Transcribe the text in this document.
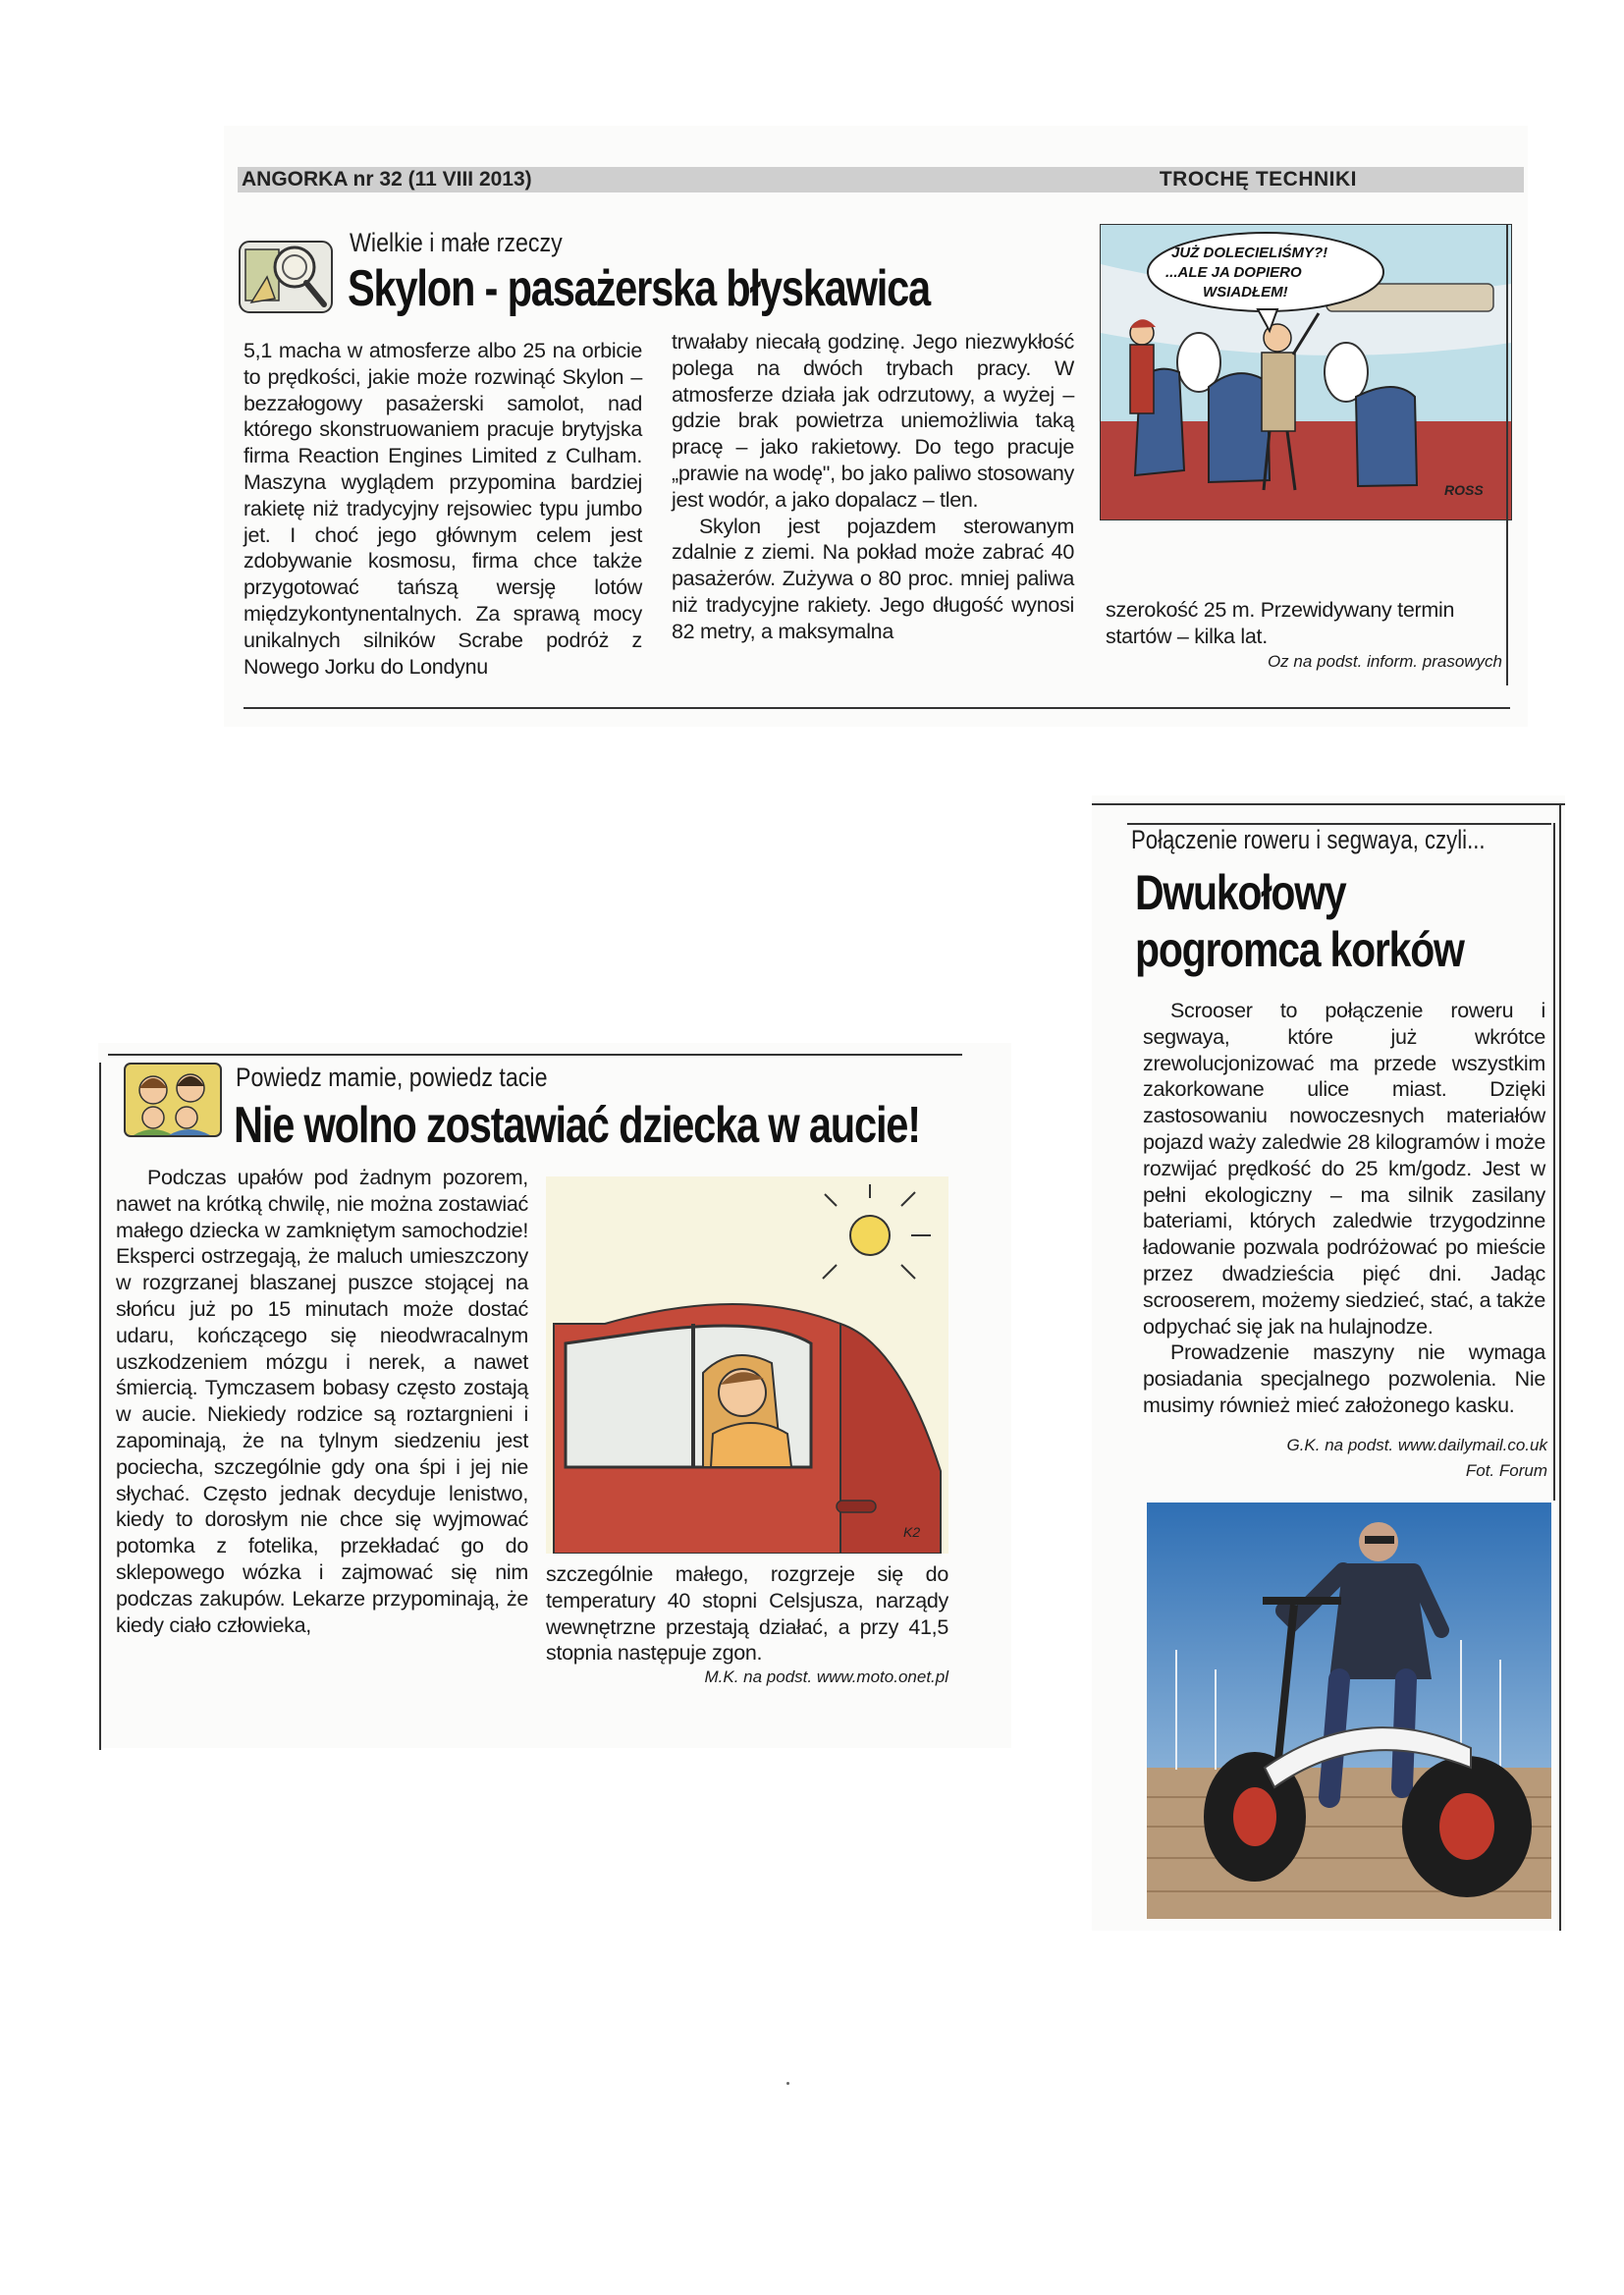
ANGORKA nr 32 (11 VIII 2013)	TROCHĘ TECHNIKI
Wielkie i małe rzeczy
Skylon - pasażerska błyskawica
5,1 macha w atmosferze albo 25 na orbicie to prędkości, jakie może rozwinąć Skylon – bezzałogowy pasażerski samolot, nad którego skonstruowaniem pracuje brytyjska firma Reaction Engines Limited z Culham. Maszyna wyglądem przypomina bardziej rakietę niż tradycyjny rejsowiec typu jumbo jet. I choć jego głównym celem jest zdobywanie kosmosu, firma chce także przygotować tańszą wersję lotów międzykontynentalnych. Za sprawą mocy unikalnych silników Scrabe podróż z Nowego Jorku do Londynu
trwałaby niecałą godzinę. Jego niezwykłość polega na dwóch trybach pracy. W atmosferze działa jak odrzutowy, a wyżej – gdzie brak powietrza uniemożliwia taką pracę – jako rakietowy. Do tego pracuje „prawie na wodę", bo jako paliwo stosowany jest wodór, a jako dopalacz – tlen.
Skylon jest pojazdem sterowanym zdalnie z ziemi. Na pokład może zabrać 40 pasażerów. Zużywa o 80 proc. mniej paliwa niż tradycyjne rakiety. Jego długość wynosi 82 metry, a maksymalna
JUŻ DOLECIELIŚMY?!
...ALE JA DOPIERO
WSIADŁEM!
ROSS
szerokość 25 m. Przewidywany termin startów – kilka lat.
Oz na podst. inform. prasowych
Powiedz mamie, powiedz tacie
Nie wolno zostawiać dziecka w aucie!
Podczas upałów pod żadnym pozorem, nawet na krótką chwilę, nie można zostawiać małego dziecka w zamkniętym samochodzie! Eksperci ostrzegają, że maluch umieszczony w rozgrzanej blaszanej puszce stojącej na słońcu już po 15 minutach może dostać udaru, kończącego się nieodwracalnym uszkodzeniem mózgu i nerek, a nawet śmiercią. Tymczasem bobasy często zostają w aucie. Niekiedy rodzice są roztargnieni i zapominają, że na tylnym siedzeniu jest pociecha, szczególnie gdy ona śpi i jej nie słychać. Często jednak decyduje lenistwo, kiedy to dorosłym nie chce się wyjmować potomka z fotelika, przekładać go do sklepowego wózka i zajmować się nim podczas zakupów. Lekarze przypominają, że kiedy ciało człowieka,
K2
szczególnie małego, rozgrzeje się do temperatury 40 stopni Celsjusza, narządy wewnętrzne przestają działać, a przy 41,5 stopnia następuje zgon.
M.K. na podst. www.moto.onet.pl
Połączenie roweru i segwaya, czyli...
Dwukołowy
pogromca korków
Scrooser to połączenie roweru i segwaya, które już wkrótce zrewolucjonizować ma przede wszystkim zakorkowane ulice miast. Dzięki zastosowaniu nowoczesnych materiałów pojazd waży zaledwie 28 kilogramów i może rozwijać prędkość do 25 km/godz. Jest w pełni ekologiczny – ma silnik zasilany bateriami, których zaledwie trzygodzinne ładowanie pozwala podróżować po mieście przez dwadzieścia pięć dni. Jadąc scrooserem, możemy siedzieć, stać, a także odpychać się jak na hulajnodze.
Prowadzenie maszyny nie wymaga posiadania specjalnego pozwolenia. Nie musimy również mieć założonego kasku.
G.K. na podst. www.dailymail.co.uk
Fot. Forum
